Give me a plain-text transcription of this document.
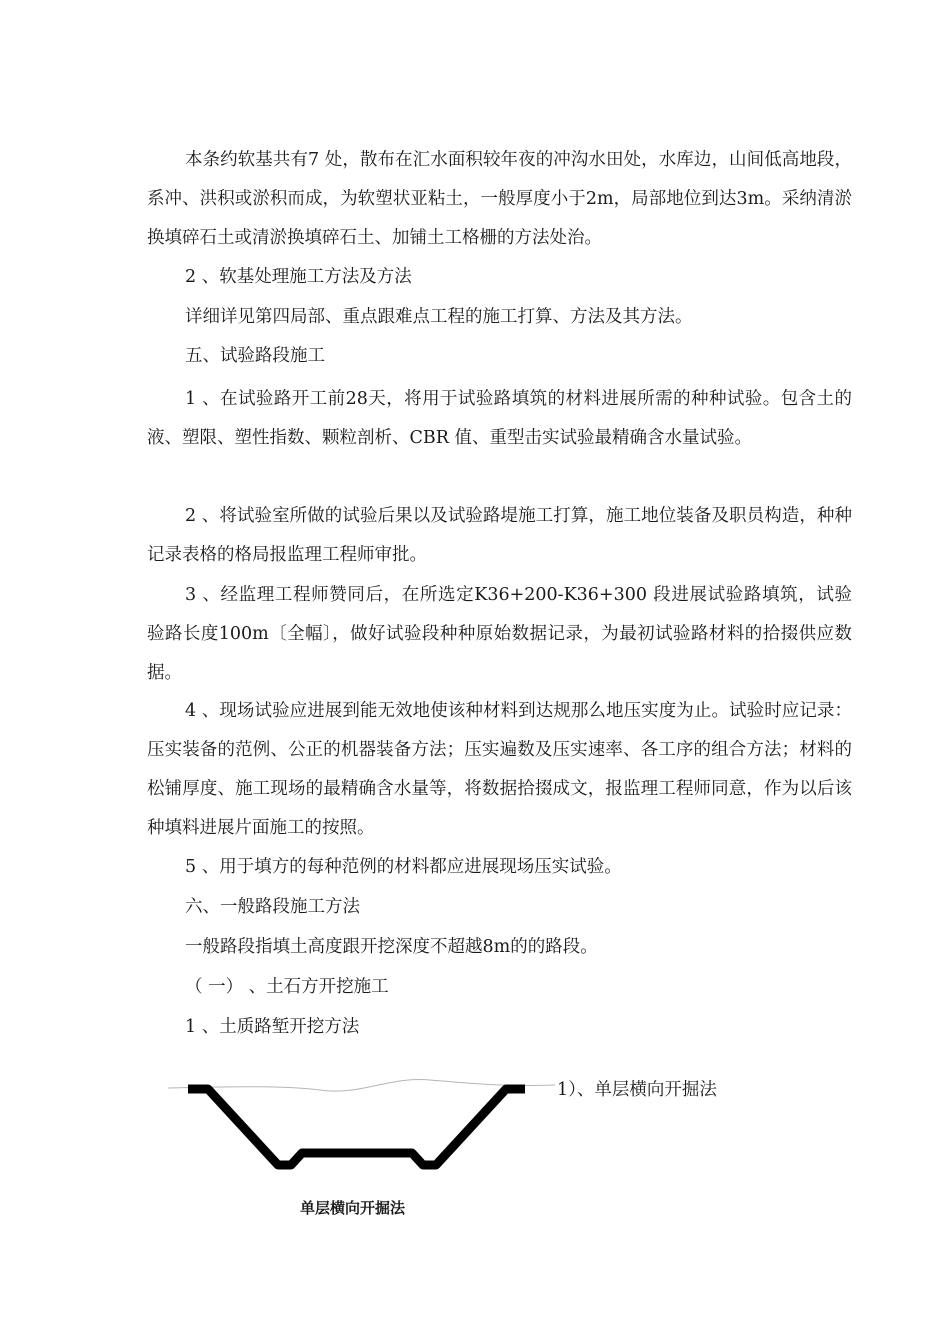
本条约软基共有7 处，散布在汇水面积较年夜的冲沟水田处，水库边，山间低高地段，系冲、洪积或淤积而成，为软塑状亚粘土，一般厚度小于2m，局部地位到达3m。采纳清淤换填碎石土或清淤换填碎石土、加铺土工格栅的方法处治。

2 、软基处理施工方法及方法

详细详见第四局部、重点跟难点工程的施工打算、方法及其方法。

五、试验路段施工

1 、在试验路开工前28天，将用于试验路填筑的材料进展所需的种种试验。包含土的液、塑限、塑性指数、颗粒剖析、CBR 值、重型击实试验最精确含水量试验。

2 、将试验室所做的试验后果以及试验路堤施工打算，施工地位装备及职员构造，种种记录表格的格局报监理工程师审批。

3 、经监理工程师赞同后，在所选定K36+200-K36+300 段进展试验路填筑，试验验路长度100m〔全幅〕，做好试验段种种原始数据记录，为最初试验路材料的拾掇供应数据。

4 、现场试验应进展到能无效地使该种材料到达规那么地压实度为止。试验时应记录：压实装备的范例、公正的机器装备方法；压实遍数及压实速率、各工序的组合方法；材料的松铺厚度、施工现场的最精确含水量等，将数据拾掇成文，报监理工程师同意，作为以后该种填料进展片面施工的按照。

5 、用于填方的每种范例的材料都应进展现场压实试验。

六、一般路段施工方法

一般路段指填土高度跟开挖深度不超越8m的的路段。

（ 一） 、土石方开挖施工

1 、土质路堑开挖方法

1）、单层横向开掘法
单层横向开掘法
